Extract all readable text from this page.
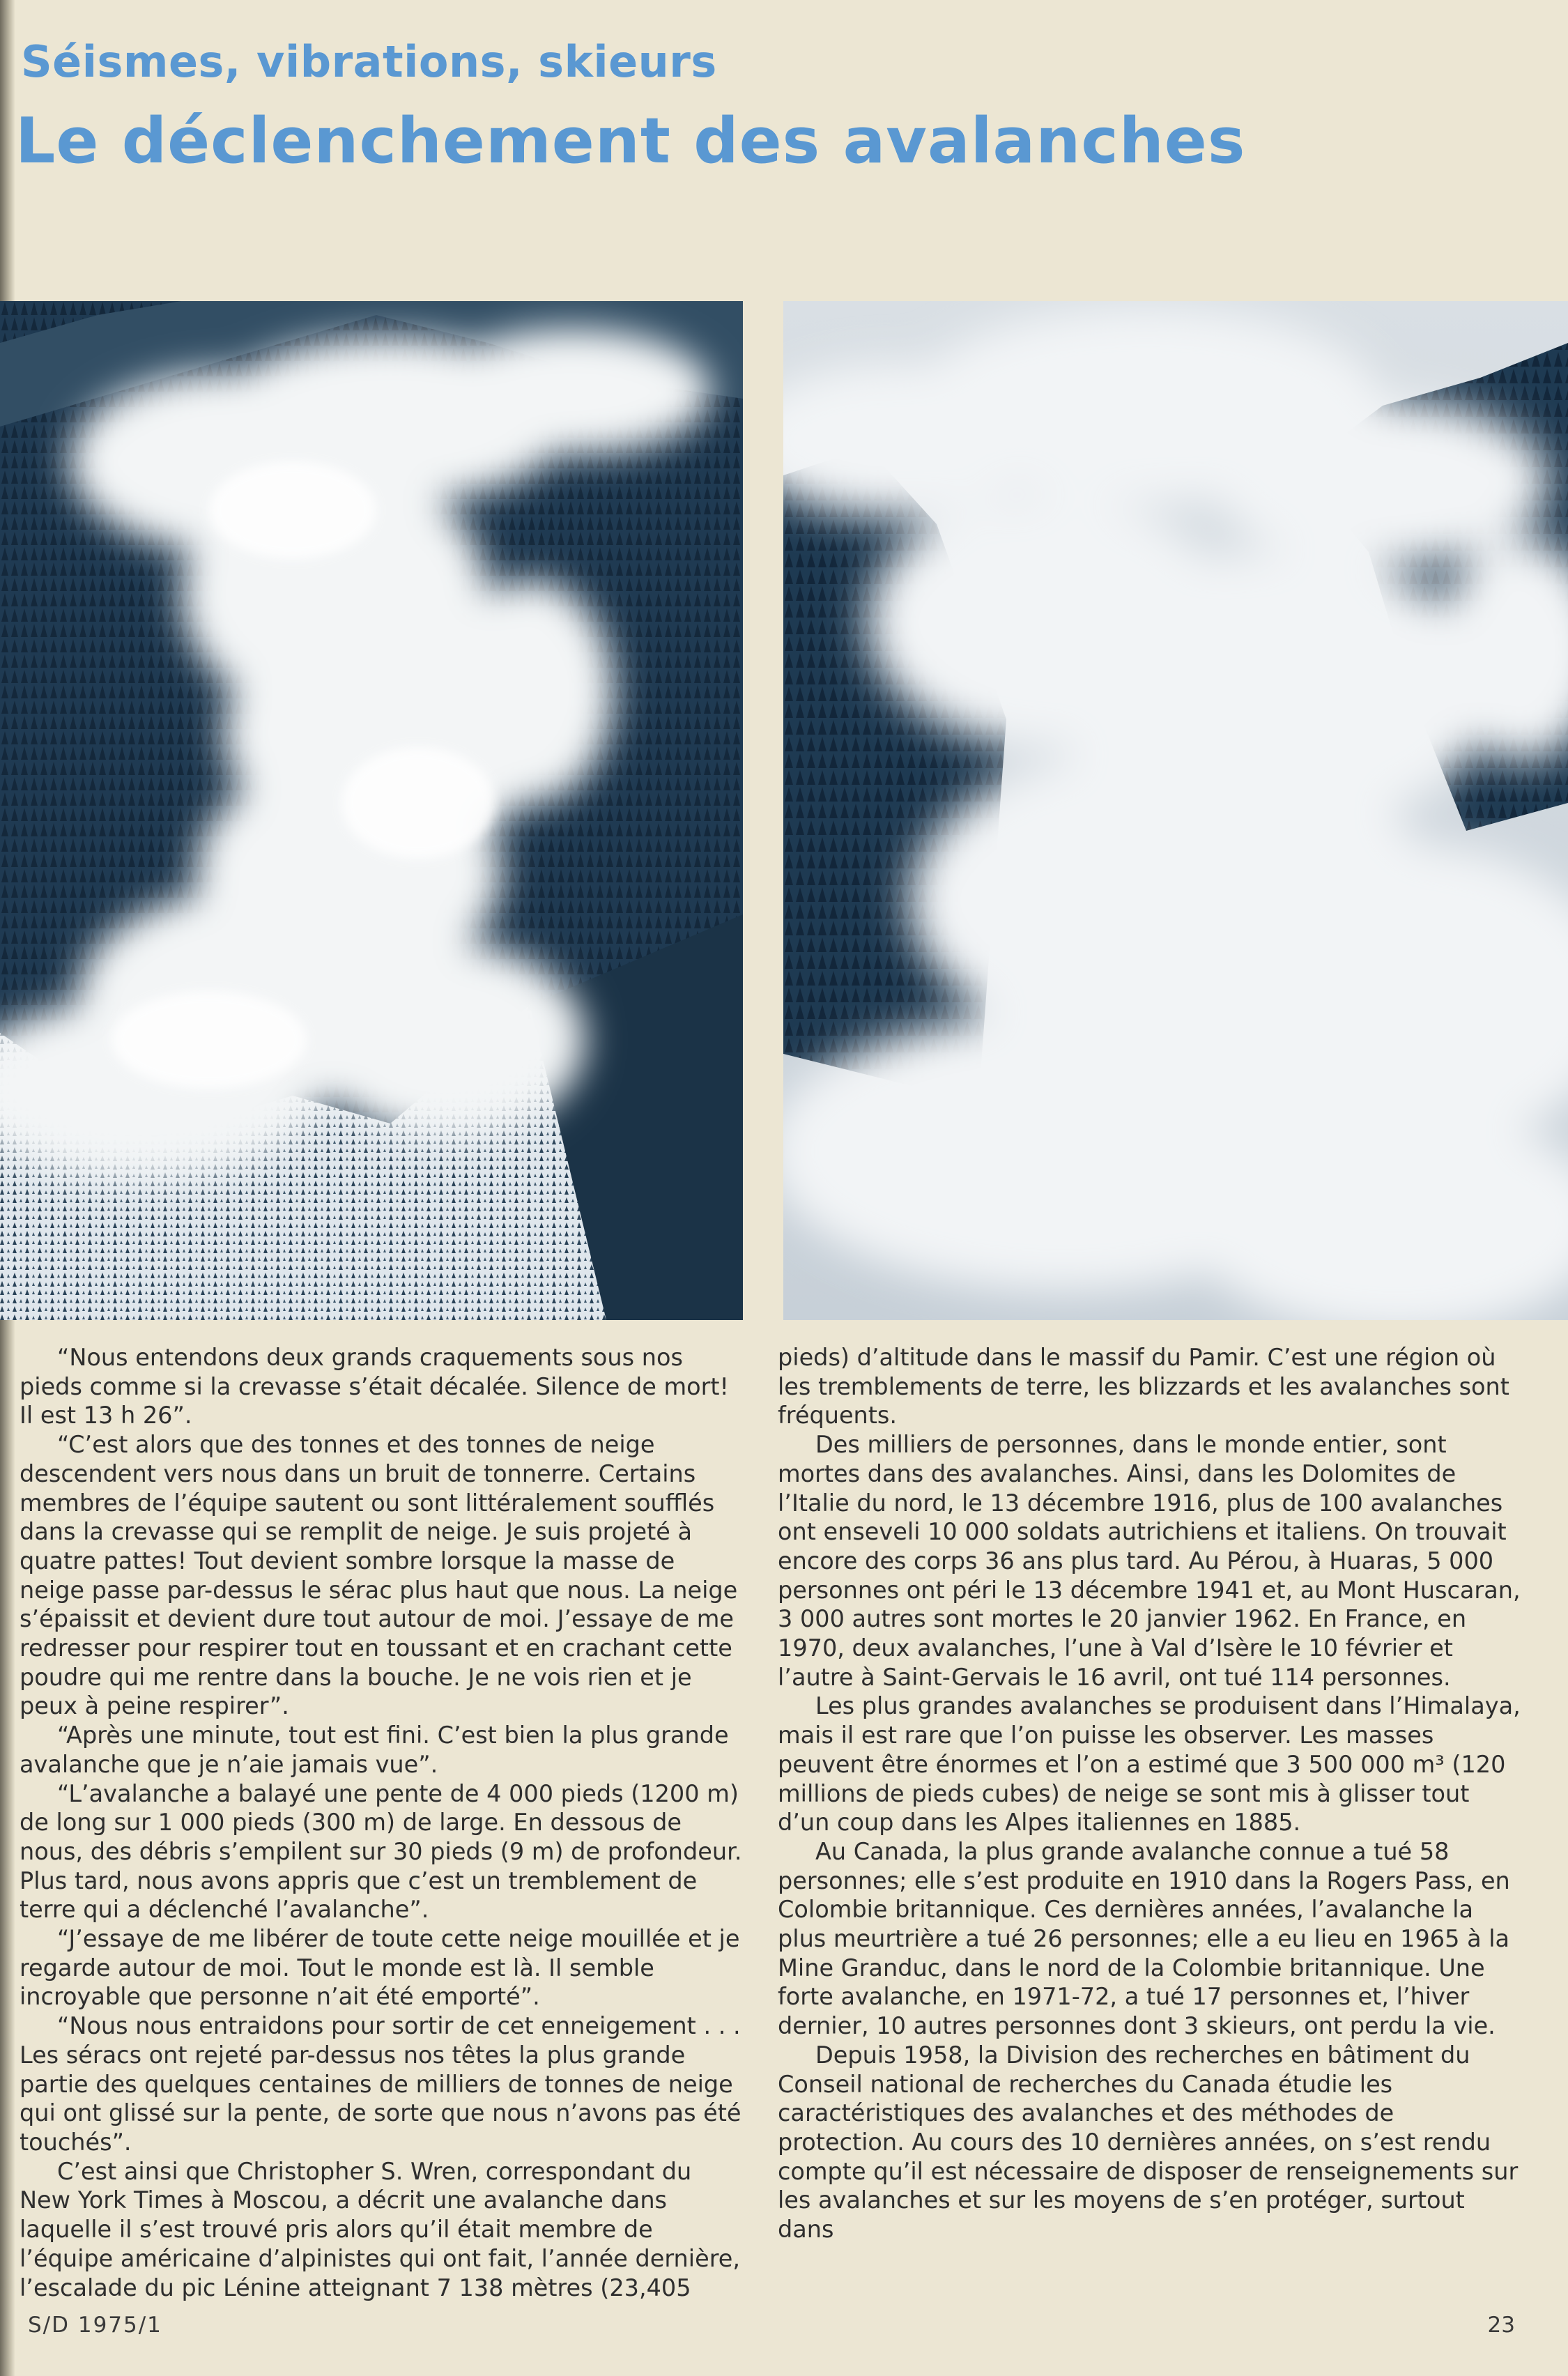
Séismes, vibrations, skieurs
Le déclenchement des avalanches

“Nous entendons deux grands craquements sous nos pieds comme si la crevasse s’était décalée. Silence de mort! Il est 13 h 26”.

“C’est alors que des tonnes et des tonnes de neige descendent vers nous dans un bruit de tonnerre. Certains membres de l’équipe sautent ou sont littéralement soufflés dans la crevasse qui se remplit de neige. Je suis projeté à quatre pattes! Tout devient sombre lorsque la masse de neige passe par-dessus le sérac plus haut que nous. La neige s’épaissit et devient dure tout autour de moi. J’essaye de me redresser pour respirer tout en toussant et en crachant cette poudre qui me rentre dans la bouche. Je ne vois rien et je peux à peine respirer”.

“Après une minute, tout est fini. C’est bien la plus grande avalanche que je n’aie jamais vue”.

“L’avalanche a balayé une pente de 4 000 pieds (1200 m) de long sur 1 000 pieds (300 m) de large. En dessous de nous, des débris s’empilent sur 30 pieds (9 m) de profondeur. Plus tard, nous avons appris que c’est un tremblement de terre qui a déclenché l’avalanche”.

“J’essaye de me libérer de toute cette neige mouillée et je regarde autour de moi. Tout le monde est là. Il semble incroyable que personne n’ait été emporté”.

“Nous nous entraidons pour sortir de cet enneigement . . . Les séracs ont rejeté par-dessus nos têtes la plus grande partie des quelques centaines de milliers de tonnes de neige qui ont glissé sur la pente, de sorte que nous n’avons pas été touchés”.

C’est ainsi que Christopher S. Wren, correspondant du New York Times à Moscou, a décrit une avalanche dans laquelle il s’est trouvé pris alors qu’il était membre de l’équipe américaine d’alpinistes qui ont fait, l’année dernière, l’escalade du pic Lénine atteignant 7 138 mètres (23,405

pieds) d’altitude dans le massif du Pamir. C’est une région où les tremblements de terre, les blizzards et les avalanches sont fréquents.

Des milliers de personnes, dans le monde entier, sont mortes dans des avalanches. Ainsi, dans les Dolomites de l’Italie du nord, le 13 décembre 1916, plus de 100 avalanches ont enseveli 10 000 soldats autrichiens et italiens. On trouvait encore des corps 36 ans plus tard. Au Pérou, à Huaras, 5 000 personnes ont péri le 13 décembre 1941 et, au Mont Huscaran, 3 000 autres sont mortes le 20 janvier 1962. En France, en 1970, deux avalanches, l’une à Val d’Isère le 10 février et l’autre à Saint-Gervais le 16 avril, ont tué 114 personnes.

Les plus grandes avalanches se produisent dans l’Himalaya, mais il est rare que l’on puisse les observer. Les masses peuvent être énormes et l’on a estimé que 3 500 000 m³ (120 millions de pieds cubes) de neige se sont mis à glisser tout d’un coup dans les Alpes italiennes en 1885.

Au Canada, la plus grande avalanche connue a tué 58 personnes; elle s’est produite en 1910 dans la Rogers Pass, en Colombie britannique. Ces dernières années, l’avalanche la plus meurtrière a tué 26 personnes; elle a eu lieu en 1965 à la Mine Granduc, dans le nord de la Colombie britannique. Une forte avalanche, en 1971-72, a tué 17 personnes et, l’hiver dernier, 10 autres personnes dont 3 skieurs, ont perdu la vie.

Depuis 1958, la Division des recherches en bâtiment du Conseil national de recherches du Canada étudie les caractéristiques des avalanches et des méthodes de protection. Au cours des 10 dernières années, on s’est rendu compte qu’il est nécessaire de disposer de renseignements sur les avalanches et sur les moyens de s’en protéger, surtout dans

S/D 1975/1	23
